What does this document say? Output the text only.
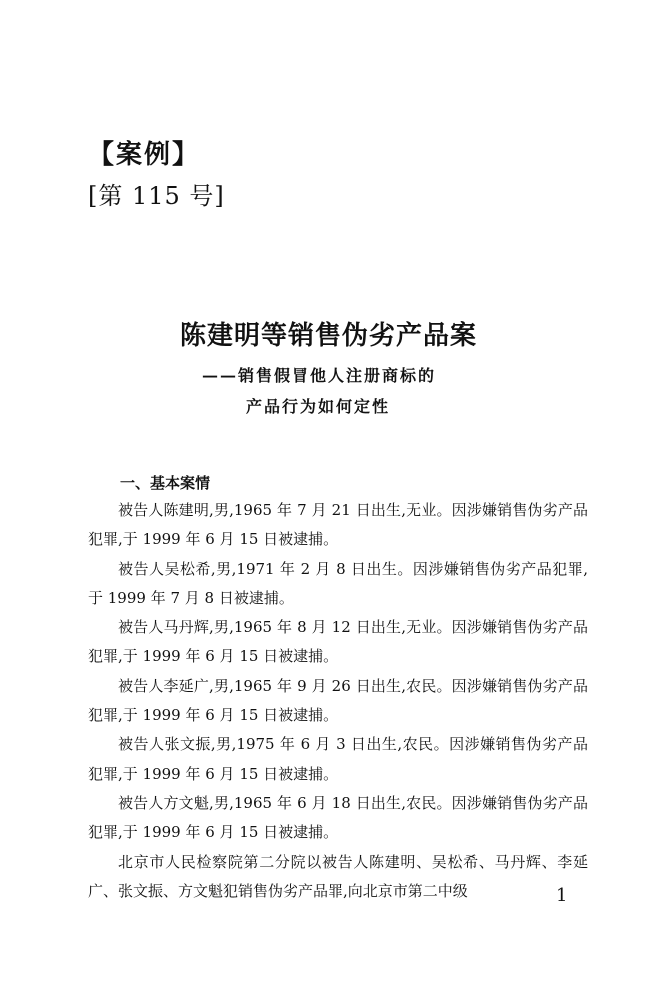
【案例】
[第 115 号]
陈建明等销售伪劣产品案
——销售假冒他人注册商标的
产品行为如何定性
一、基本案情

被告人陈建明,男,1965 年 7 月 21 日出生,无业。因涉嫌销售伪劣产品犯罪,于 1999 年 6 月 15 日被逮捕。

被告人吴松希,男,1971 年 2 月 8 日出生。因涉嫌销售伪劣产品犯罪,于 1999 年 7 月 8 日被逮捕。

被告人马丹辉,男,1965 年 8 月 12 日出生,无业。因涉嫌销售伪劣产品犯罪,于 1999 年 6 月 15 日被逮捕。

被告人李延广,男,1965 年 9 月 26 日出生,农民。因涉嫌销售伪劣产品犯罪,于 1999 年 6 月 15 日被逮捕。

被告人张文振,男,1975 年 6 月 3 日出生,农民。因涉嫌销售伪劣产品犯罪,于 1999 年 6 月 15 日被逮捕。

被告人方文魁,男,1965 年 6 月 18 日出生,农民。因涉嫌销售伪劣产品犯罪,于 1999 年 6 月 15 日被逮捕。

北京市人民检察院第二分院以被告人陈建明、吴松希、马丹辉、李延广、张文振、方文魁犯销售伪劣产品罪,向北京市第二中级	1
